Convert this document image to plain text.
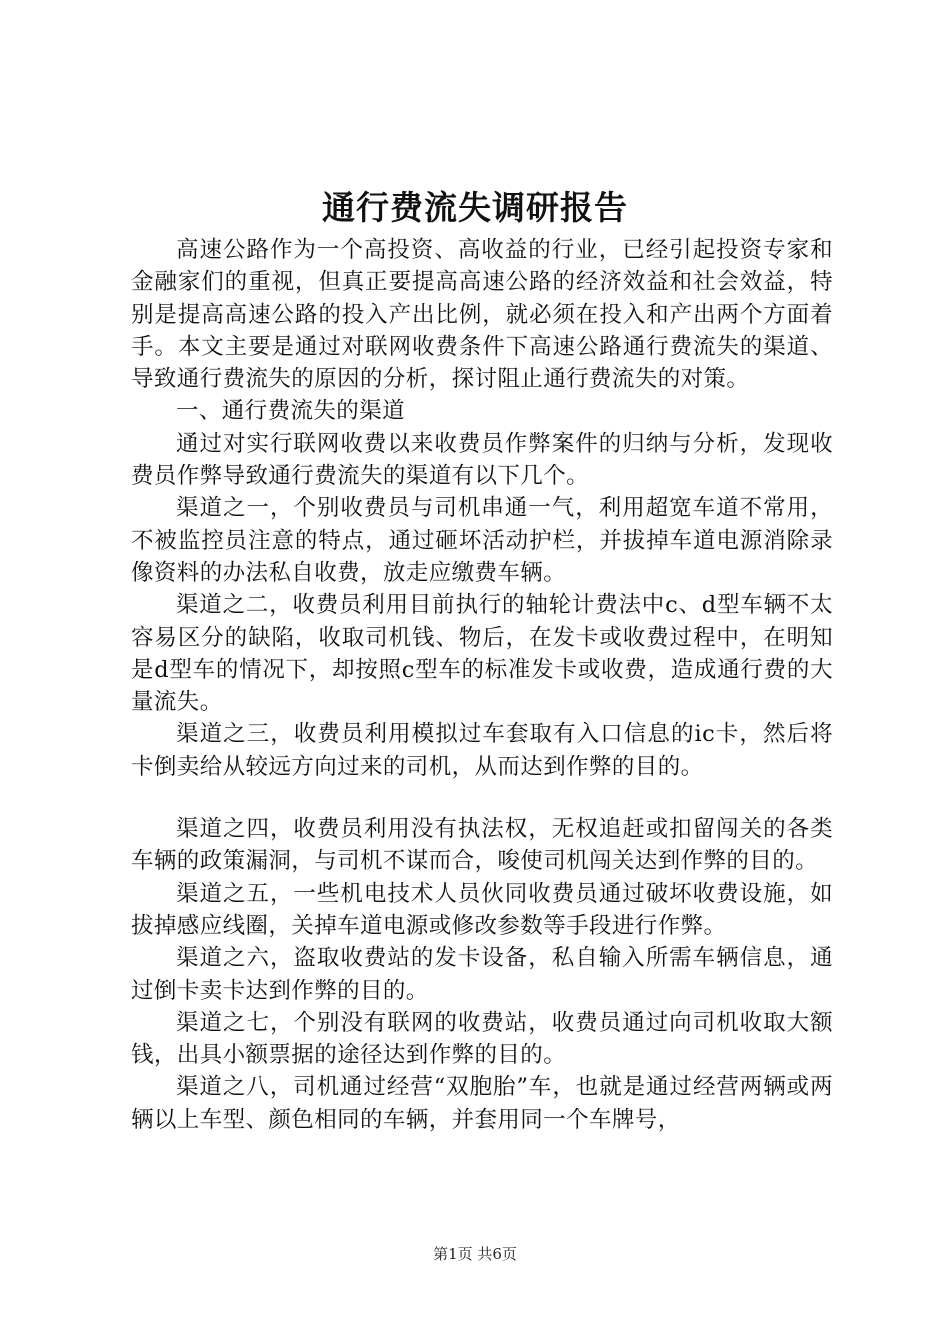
通行费流失调研报告

高速公路作为一个高投资、高收益的行业，已经引起投资专家和金融家们的重视，但真正要提高高速公路的经济效益和社会效益，特别是提高高速公路的投入产出比例，就必须在投入和产出两个方面着手。本文主要是通过对联网收费条件下高速公路通行费流失的渠道、导致通行费流失的原因的分析，探讨阻止通行费流失的对策。

一、通行费流失的渠道

通过对实行联网收费以来收费员作弊案件的归纳与分析，发现收费员作弊导致通行费流失的渠道有以下几个。

渠道之一，个别收费员与司机串通一气，利用超宽车道不常用，不被监控员注意的特点，通过砸坏活动护栏，并拔掉车道电源消除录像资料的办法私自收费，放走应缴费车辆。

渠道之二，收费员利用目前执行的轴轮计费法中c、d型车辆不太容易区分的缺陷，收取司机钱、物后，在发卡或收费过程中，在明知是d型车的情况下，却按照c型车的标准发卡或收费，造成通行费的大量流失。

渠道之三，收费员利用模拟过车套取有入口信息的ic卡，然后将卡倒卖给从较远方向过来的司机，从而达到作弊的目的。

渠道之四，收费员利用没有执法权，无权追赶或扣留闯关的各类车辆的政策漏洞，与司机不谋而合，唆使司机闯关达到作弊的目的。

渠道之五，一些机电技术人员伙同收费员通过破坏收费设施，如拔掉感应线圈，关掉车道电源或修改参数等手段进行作弊。

渠道之六，盗取收费站的发卡设备，私自输入所需车辆信息，通过倒卡卖卡达到作弊的目的。

渠道之七，个别没有联网的收费站，收费员通过向司机收取大额钱，出具小额票据的途径达到作弊的目的。

渠道之八，司机通过经营“双胞胎”车，也就是通过经营两辆或两辆以上车型、颜色相同的车辆，并套用同一个车牌号，

第1页 共6页
